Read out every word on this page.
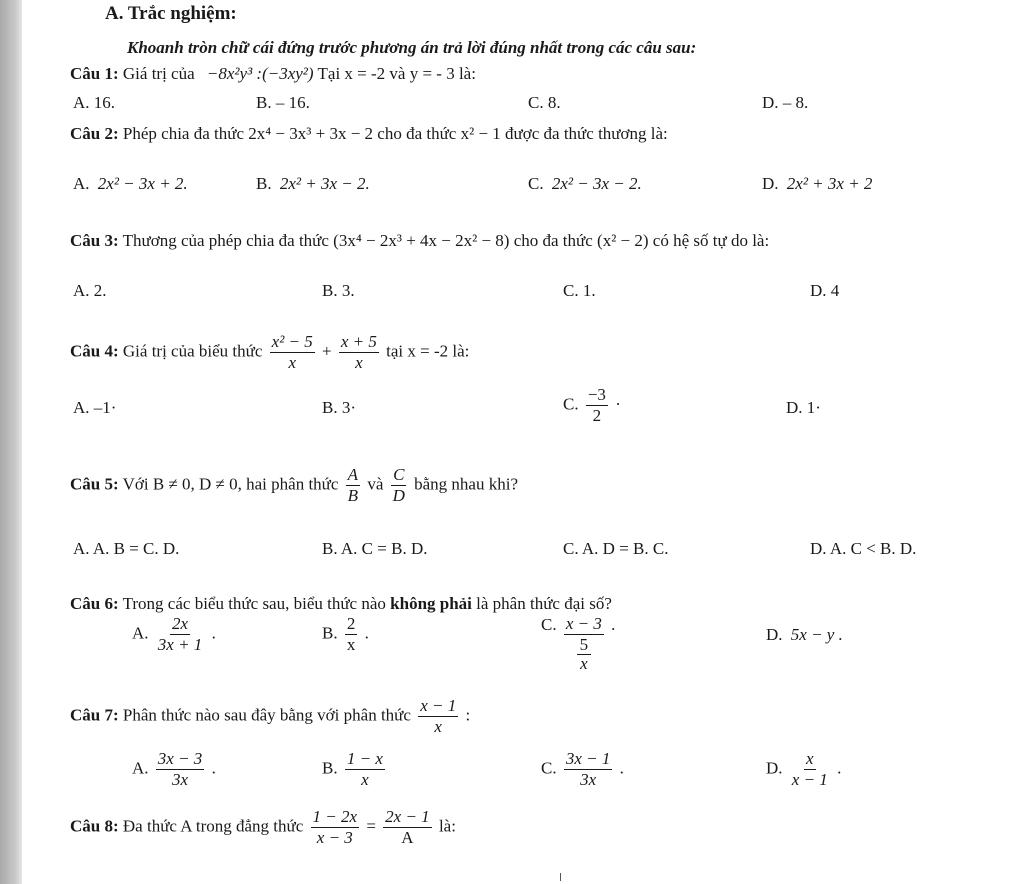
A. Trắc nghiệm:
Khoanh tròn chữ cái đứng trước phương án trả lời đúng nhất trong các câu sau:
Câu 1: Giá trị của −8x²y³ :(−3xy²) Tại x = -2 và y = - 3 là:
A. 16.	B. – 16.	C. 8.	D. – 8.
Câu 2: Phép chia đa thức 2x⁴ − 3x³ + 3x − 2 cho đa thức x² − 1 được đa thức thương là:
A. 2x² − 3x + 2.	B. 2x² + 3x − 2.	C. 2x² − 3x − 2.	D. 2x² + 3x + 2
Câu 3: Thương của phép chia đa thức (3x⁴ − 2x³ + 4x − 2x² − 8) cho đa thức (x² − 2) có hệ số tự do là:
A. 2.	B. 3.	C. 1.	D. 4
Câu 4: Giá trị của biểu thức $\frac{\text{x² − 5}}{x} + \frac{x + 5}{x}$ tại x = -2 là:
A. –1·	B. 3·	C. $\frac{-3}{2}$ ·	D. 1·
Câu 5: Với B ≠ 0, D ≠ 0, hai phân thức $\frac{A}{B}$ và $\frac{C}{D}$ bằng nhau khi?
A. A. B = C. D.	B. A. C = B. D.	C. A. D = B. C.	D. A. C < B. D.
Câu 6: Trong các biểu thức sau, biểu thức nào không phải là phân thức đại số?
A. $\frac{2x}{3x + 1}$ .	B. $\frac{2}{x}$ .	C. $\frac{x - 3}{\frac{5}{x}}$ .
D. 5x − y .
Câu 7: Phân thức nào sau đây bằng với phân thức $\frac{x - 1}{x}$ :
A. $\frac{3x - 3}{3x}$ .	B. $\frac{1 - x}{x}$	C. $\frac{3x - 1}{3x}$ .	D. $\frac{x}{x - 1}$ .
Câu 8: Đa thức A trong đẳng thức $\frac{1 - 2x}{x - 3} = \frac{2x - 1}{A}$ là:
